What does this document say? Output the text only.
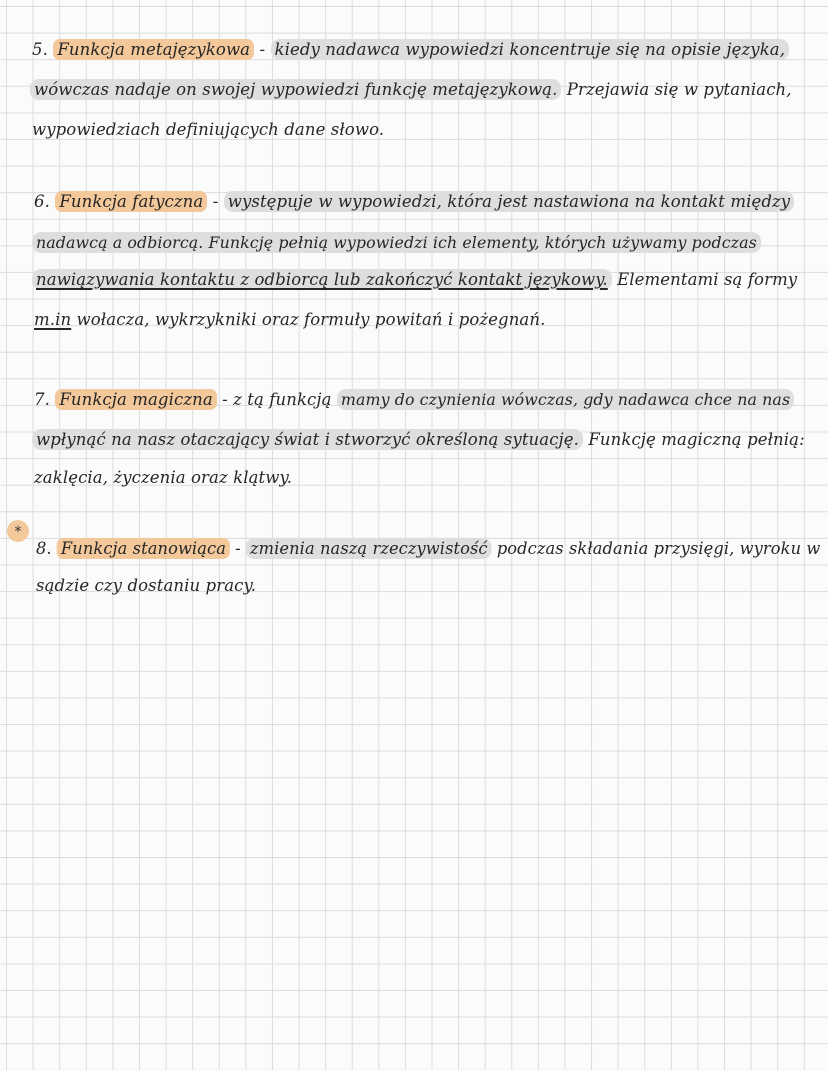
5. Funkcja metajęzykowa - kiedy nadawca wypowiedzi koncentruje się na opisie języka,
wówczas nadaje on swojej wypowiedzi funkcję metajęzykową. Przejawia się w pytaniach,
wypowiedziach definiujących dane słowo.
6. Funkcja fatyczna - występuje w wypowiedzi, która jest nastawiona na kontakt między
nadawcą a odbiorcą. Funkcję pełnią wypowiedzi ich elementy, których używamy podczas
nawiązywania kontaktu z odbiorcą lub zakończyć kontakt językowy. Elementami są formy
m.in wołacza, wykrzykniki oraz formuły powitań i pożegnań.
7. Funkcja magiczna - z tą funkcją mamy do czynienia wówczas, gdy nadawca chce na nas
wpłynąć na nasz otaczający świat i stworzyć określoną sytuację. Funkcję magiczną pełnią:
zaklęcia, życzenia oraz klątwy.
*
8. Funkcja stanowiąca - zmienia naszą rzeczywistość podczas składania przysięgi, wyroku w
sądzie czy dostaniu pracy.
